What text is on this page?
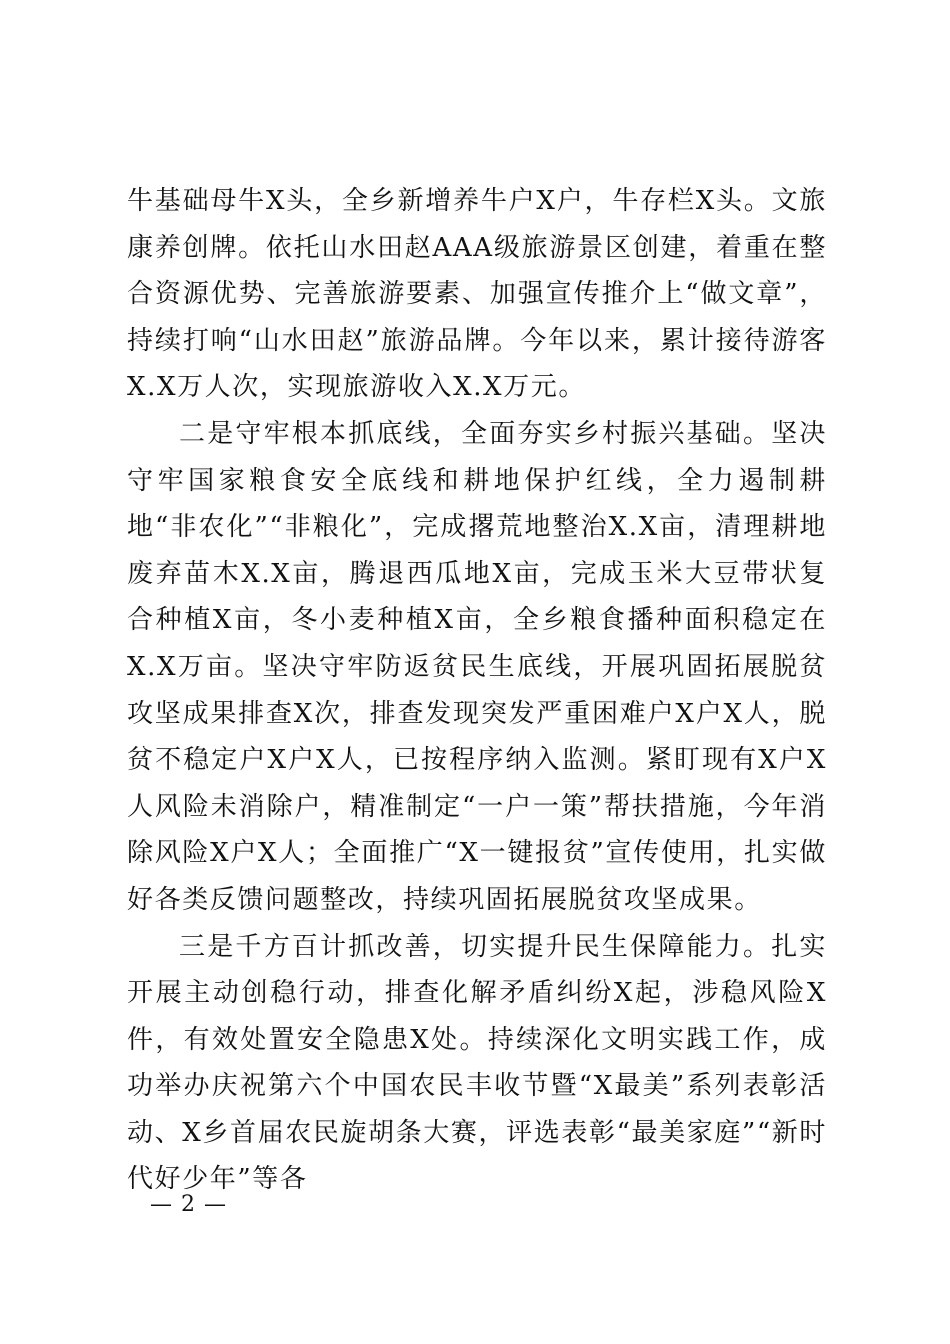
牛基础母牛X头，全乡新增养牛户X户，牛存栏X头。文旅康养创牌。依托山水田赵AAA级旅游景区创建，着重在整合资源优势、完善旅游要素、加强宣传推介上“做文章”，持续打响“山水田赵”旅游品牌。今年以来，累计接待游客X.X万人次，实现旅游收入X.X万元。

二是守牢根本抓底线，全面夯实乡村振兴基础。坚决守牢国家粮食安全底线和耕地保护红线，全力遏制耕地“非农化”“非粮化”，完成撂荒地整治X.X亩，清理耕地废弃苗木X.X亩，腾退西瓜地X亩，完成玉米大豆带状复合种植X亩，冬小麦种植X亩，全乡粮食播种面积稳定在X.X万亩。坚决守牢防返贫民生底线，开展巩固拓展脱贫攻坚成果排查X次，排查发现突发严重困难户X户X人，脱贫不稳定户X户X人，已按程序纳入监测。紧盯现有X户X人风险未消除户，精准制定“一户一策”帮扶措施，今年消除风险X户X人；全面推广“X一键报贫”宣传使用，扎实做好各类反馈问题整改，持续巩固拓展脱贫攻坚成果。

三是千方百计抓改善，切实提升民生保障能力。扎实开展主动创稳行动，排查化解矛盾纠纷X起，涉稳风险X件，有效处置安全隐患X处。持续深化文明实践工作，成功举办庆祝第六个中国农民丰收节暨“X最美”系列表彰活动、X乡首届农民旋胡条大赛，评选表彰“最美家庭”“新时代好少年”等各

— 2 —
